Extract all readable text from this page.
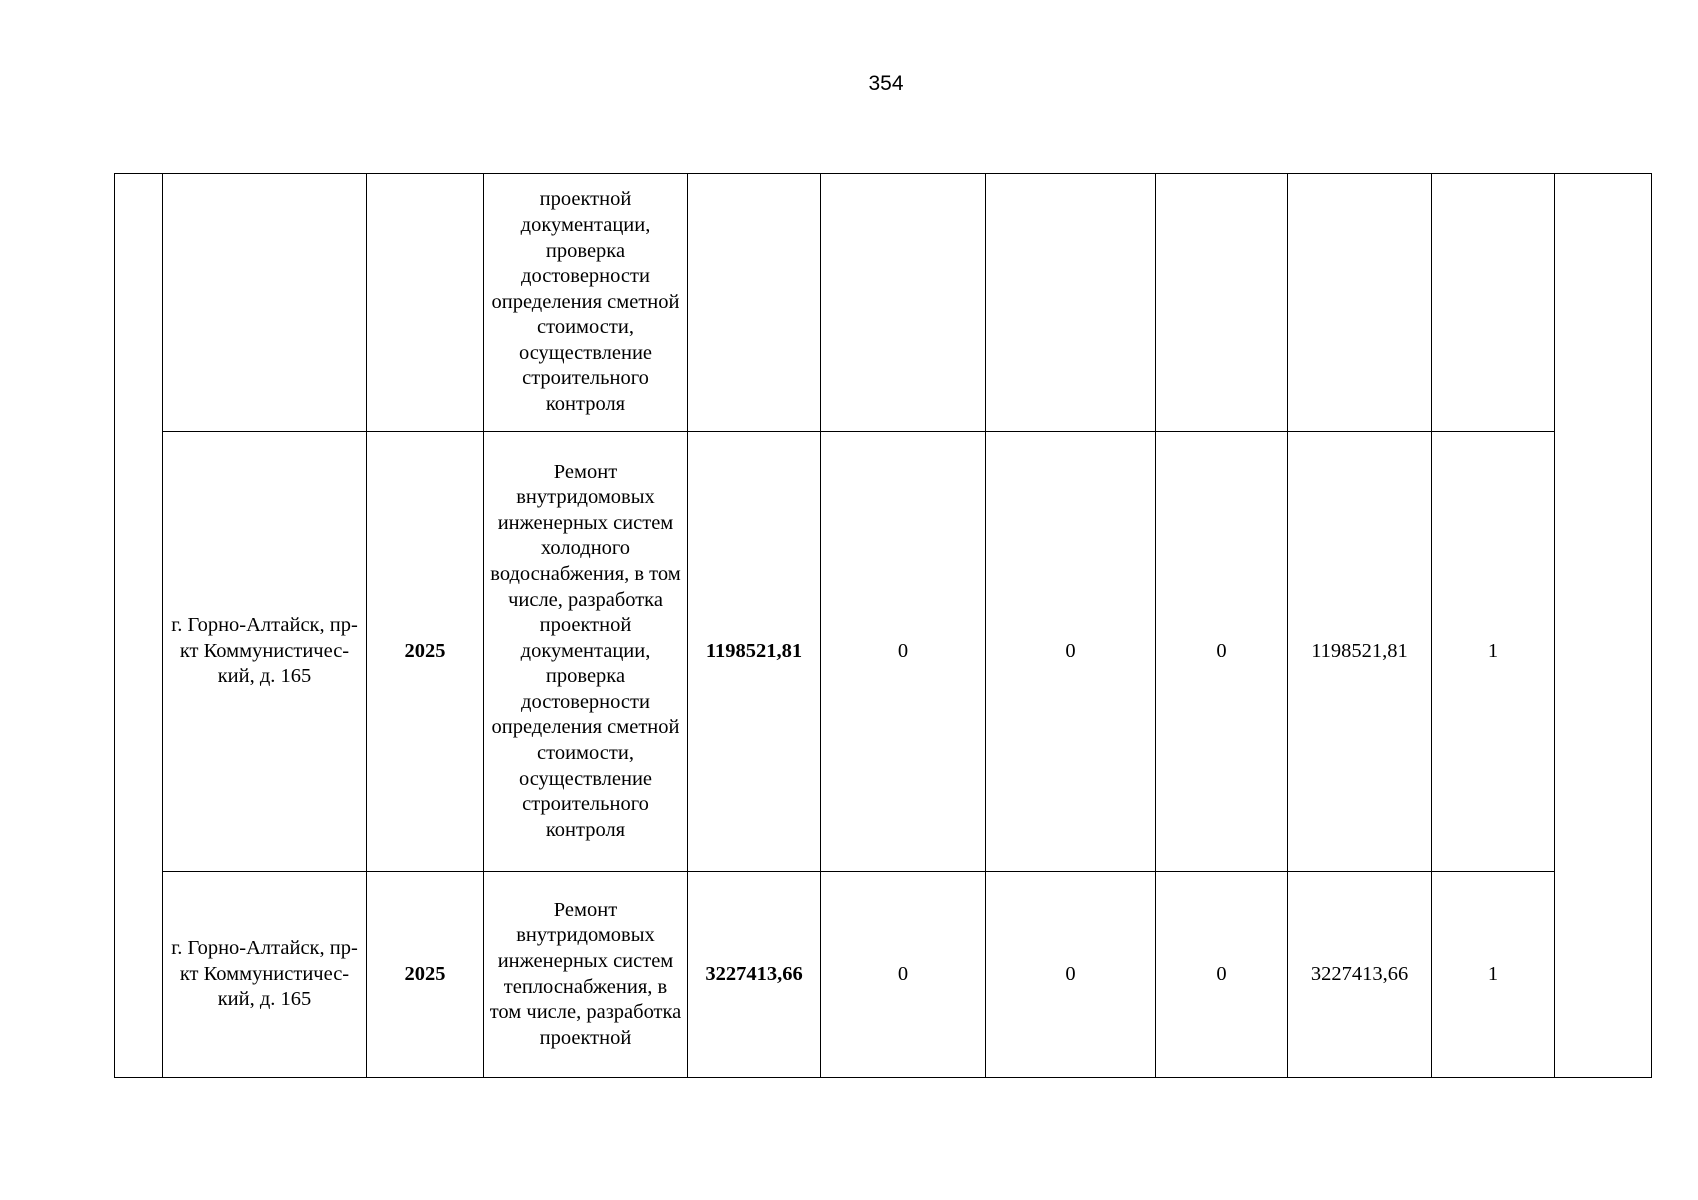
354
			проектной документации, проверка достоверности определения сметной стоимости, осуществление строительного контроля							
	г. Горно-Алтайск, пр-кт Коммунистичес-кий, д. 165	2025	Ремонт внутридомовых инженерных систем холодного водоснабжения, в том числе, разработка проектной документации, проверка достоверности определения сметной стоимости, осуществление строительного контроля	1198521,81	0	0	0	1198521,81	1	
	г. Горно-Алтайск, пр-кт Коммунистичес-кий, д. 165	2025	Ремонт внутридомовых инженерных систем теплоснабжения, в том числе, разработка проектной	3227413,66	0	0	0	3227413,66	1	
